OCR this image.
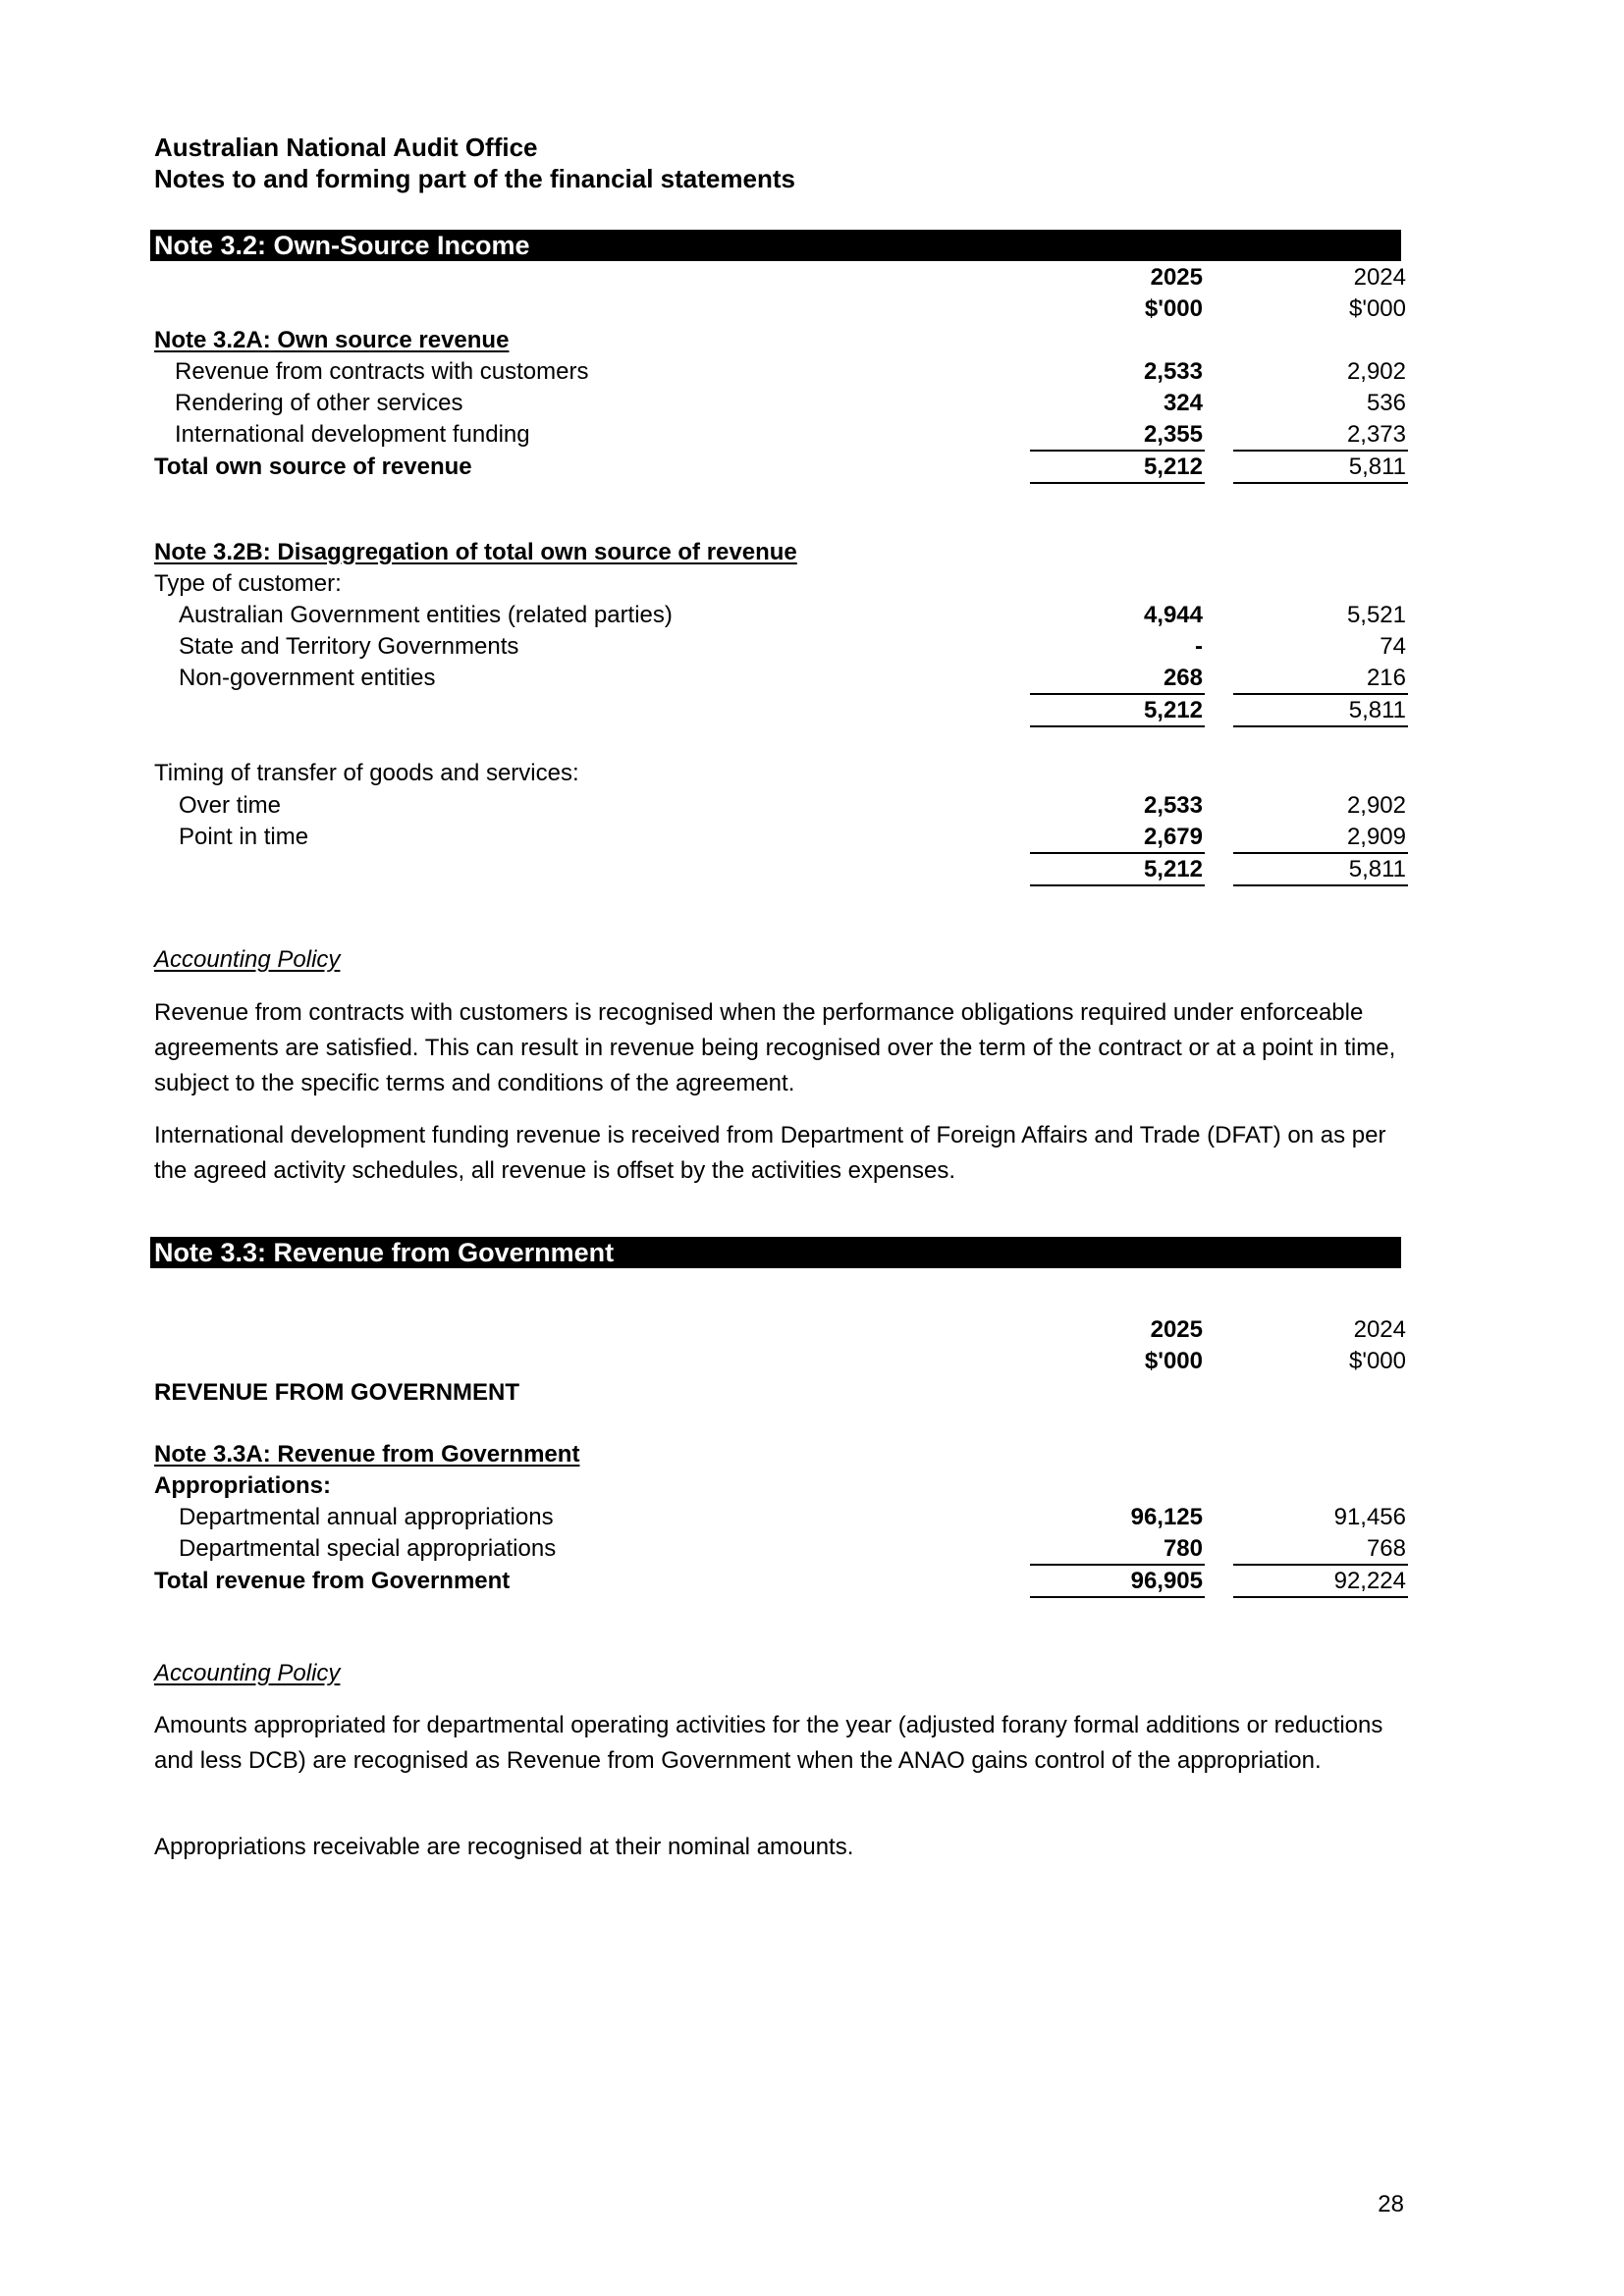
Australian National Audit Office
Notes to and forming part of the financial statements
Note 3.2: Own-Source Income
2025	2024
$'000	$'000
Note 3.2A: Own source revenue
Revenue from contracts with customers	2,533	2,902
Rendering of other services	324	536
International development funding	2,355	2,373
Total own source of revenue	5,212	5,811
Note 3.2B: Disaggregation of total own source of revenue
Type of customer:
Australian Government entities (related parties)	4,944	5,521
State and Territory Governments	-	74
Non-government entities	268	216
5,212	5,811
Timing of transfer of goods and services:
Over time	2,533	2,902
Point in time	2,679	2,909
5,212	5,811
Accounting Policy
Revenue from contracts with customers is recognised when the performance obligations required under enforceable agreements are satisfied. This can result in revenue being recognised over the term of the contract or at a point in time, subject to the specific terms and conditions of the agreement.
International development funding revenue is received from Department of Foreign Affairs and Trade (DFAT) on as per the agreed activity schedules, all revenue is offset by the activities expenses.
Note 3.3: Revenue from Government
2025	2024
$'000	$'000
REVENUE FROM GOVERNMENT
Note 3.3A: Revenue from Government
Appropriations:
Departmental annual appropriations	96,125	91,456
Departmental special appropriations	780	768
Total revenue from Government	96,905	92,224
Accounting Policy
Amounts appropriated for departmental operating activities for the year (adjusted forany formal additions or reductions and less DCB) are recognised as Revenue from Government when the ANAO gains control of the appropriation.
Appropriations receivable are recognised at their nominal amounts.
28
